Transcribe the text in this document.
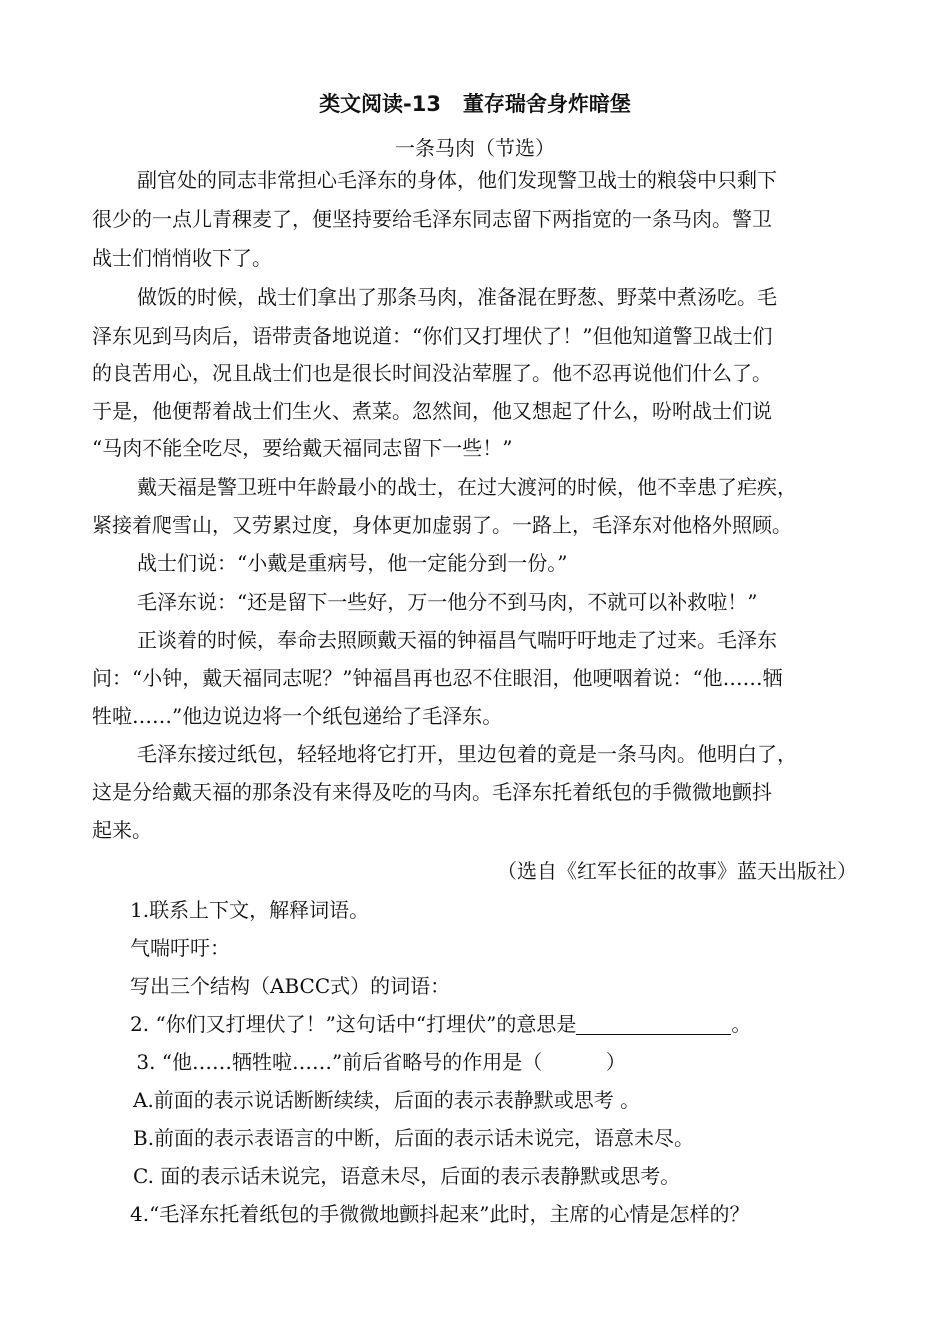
类文阅读-13   董存瑞舍身炸暗堡
一条马肉（节选）
副官处的同志非常担心毛泽东的身体，他们发现警卫战士的粮袋中只剩下
很少的一点儿青稞麦了，便坚持要给毛泽东同志留下两指宽的一条马肉。警卫
战士们悄悄收下了。
做饭的时候，战士们拿出了那条马肉，准备混在野葱、野菜中煮汤吃。毛
泽东见到马肉后，语带责备地说道：“你们又打埋伏了！”但他知道警卫战士们
的良苦用心，况且战士们也是很长时间没沾荤腥了。他不忍再说他们什么了。
于是，他便帮着战士们生火、煮菜。忽然间，他又想起了什么，吩咐战士们说
“马肉不能全吃尽，要给戴天福同志留下一些！”
戴天福是警卫班中年龄最小的战士，在过大渡河的时候，他不幸患了疟疾，
紧接着爬雪山，又劳累过度，身体更加虚弱了。一路上，毛泽东对他格外照顾。
战士们说：“小戴是重病号，他一定能分到一份。”
毛泽东说：“还是留下一些好，万一他分不到马肉，不就可以补救啦！”
正谈着的时候，奉命去照顾戴天福的钟福昌气喘吁吁地走了过来。毛泽东
问：“小钟，戴天福同志呢？”钟福昌再也忍不住眼泪，他哽咽着说：“他……牺
牲啦……”他边说边将一个纸包递给了毛泽东。
毛泽东接过纸包，轻轻地将它打开，里边包着的竟是一条马肉。他明白了，
这是分给戴天福的那条没有来得及吃的马肉。毛泽东托着纸包的手微微地颤抖
起来。
（选自《红军长征的故事》蓝天出版社）
1.联系上下文，解释词语。
气喘吁吁：
写出三个结构（ABCC式）的词语：
2. “你们又打埋伏了！”这句话中“打埋伏”的意思是	。
3. “他……牺牲啦……”前后省略号的作用是（          ）
A.前面的表示说话断断续续，后面的表示表静默或思考 。
B.前面的表示表语言的中断，后面的表示话未说完，语意未尽。
C. 面的表示话未说完，语意未尽，后面的表示表静默或思考。
4.“毛泽东托着纸包的手微微地颤抖起来”此时，主席的心情是怎样的？
